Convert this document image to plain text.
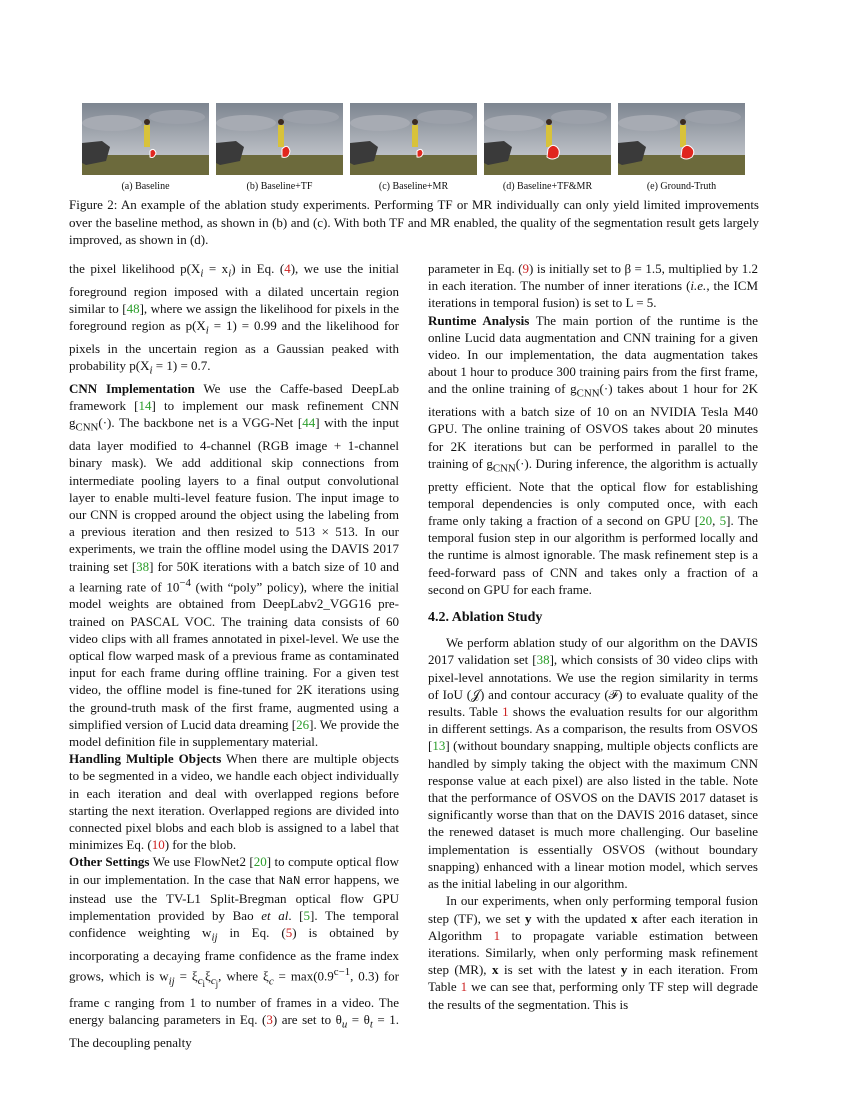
(a) Baseline	(b) Baseline+TF	(c) Baseline+MR	(d) Baseline+TF&MR	(e) Ground-Truth
Figure 2: An example of the ablation study experiments. Performing TF or MR individually can only yield limited improvements over the baseline method, as shown in (b) and (c). With both TF and MR enabled, the quality of the segmentation result gets largely improved, as shown in (d).

the pixel likelihood $p(X_i = x_i)$ in Eq. (4), we use the initial foreground region imposed with a dilated uncertain region similar to [48], where we assign the likelihood for pixels in the foreground region as $p(X_i = 1) = 0.99$ and the likelihood for pixels in the uncertain region as a Gaussian peaked with probability $p(X_i = 1) = 0.7$.

CNN Implementation We use the Caffe-based DeepLab framework [14] to implement our mask refinement CNN $g_{CNN}(\cdot)$. The backbone net is a VGG-Net [44] with the input data layer modified to 4-channel (RGB image + 1-channel binary mask). We add additional skip connections from intermediate pooling layers to a final output convolutional layer to enable multi-level feature fusion. The input image to our CNN is cropped around the object using the labeling from a previous iteration and then resized to 513 × 513. In our experiments, we train the offline model using the DAVIS 2017 training set [38] for 50K iterations with a batch size of 10 and a learning rate of $10^{-4}$ (with “poly” policy), where the initial model weights are obtained from DeepLabv2_VGG16 pre-trained on PASCAL VOC. The training data consists of 60 video clips with all frames annotated in pixel-level. We use the optical flow warped mask of a previous frame as contaminated input for each frame during offline training. For a given test video, the offline model is fine-tuned for 2K iterations using the ground-truth mask of the first frame, augmented using a simplified version of Lucid data dreaming [26]. We provide the model definition file in supplementary material.

Handling Multiple Objects When there are multiple objects to be segmented in a video, we handle each object individually in each iteration and deal with overlapped regions before starting the next iteration. Overlapped regions are divided into connected pixel blobs and each blob is assigned to a label that minimizes Eq. (10) for the blob.

Other Settings We use FlowNet2 [20] to compute optical flow in our implementation. In the case that NaN error happens, we instead use the TV-L1 Split-Bregman optical flow GPU implementation provided by Bao et al. [5]. The temporal confidence weighting $w_{ij}$ in Eq. (5) is obtained by incorporating a decaying frame confidence as the frame index grows, which is $w_{ij} = \xi_{c_i}\xi_{c_j}$, where $\xi_c = \max(0.9^{c-1}$, 0.3) for frame c ranging from 1 to number of frames in a video. The energy balancing parameters in Eq. (3) are set to $\theta_u = \theta_t = 1$. The decoupling penalty

parameter in Eq. (9) is initially set to β = 1.5, multiplied by 1.2 in each iteration. The number of inner iterations (i.e., the ICM iterations in temporal fusion) is set to L = 5.

Runtime Analysis The main portion of the runtime is the online Lucid data augmentation and CNN training for a given video. In our implementation, the data augmentation takes about 1 hour to produce 300 training pairs from the first frame, and the online training of $g_{CNN}(\cdot)$ takes about 1 hour for 2K iterations with a batch size of 10 on an NVIDIA Tesla M40 GPU. The online training of OSVOS takes about 20 minutes for 2K iterations but can be performed in parallel to the training of $g_{CNN}(\cdot)$. During inference, the algorithm is actually pretty efficient. Note that the optical flow for establishing temporal dependencies is only computed once, with each frame only taking a fraction of a second on GPU [20, 5]. The temporal fusion step in our algorithm is performed locally and the runtime is almost ignorable. The mask refinement step is a feed-forward pass of CNN and takes only a fraction of a second on GPU for each frame.

4.2. Ablation Study

We perform ablation study of our algorithm on the DAVIS 2017 validation set [38], which consists of 30 video clips with pixel-level annotations. We use the region similarity in terms of IoU (𝒥) and contour accuracy (ℱ) to evaluate quality of the results. Table 1 shows the evaluation results for our algorithm in different settings. As a comparison, the results from OSVOS [13] (without boundary snapping, multiple objects conflicts are handled by simply taking the object with the maximum CNN response value at each pixel) are also listed in the table. Note that the performance of OSVOS on the DAVIS 2017 dataset is significantly worse than that on the DAVIS 2016 dataset, since the renewed dataset is much more challenging. Our baseline implementation is essentially OSVOS (without boundary snapping) enhanced with a linear motion model, which serves as the initial labeling in our algorithm.

In our experiments, when only performing temporal fusion step (TF), we set y with the updated x after each iteration in Algorithm 1 to propagate variable estimation between iterations. Similarly, when only performing mask refinement step (MR), x is set with the latest y in each iteration. From Table 1 we can see that, performing only TF step will degrade the results of the segmentation. This is
